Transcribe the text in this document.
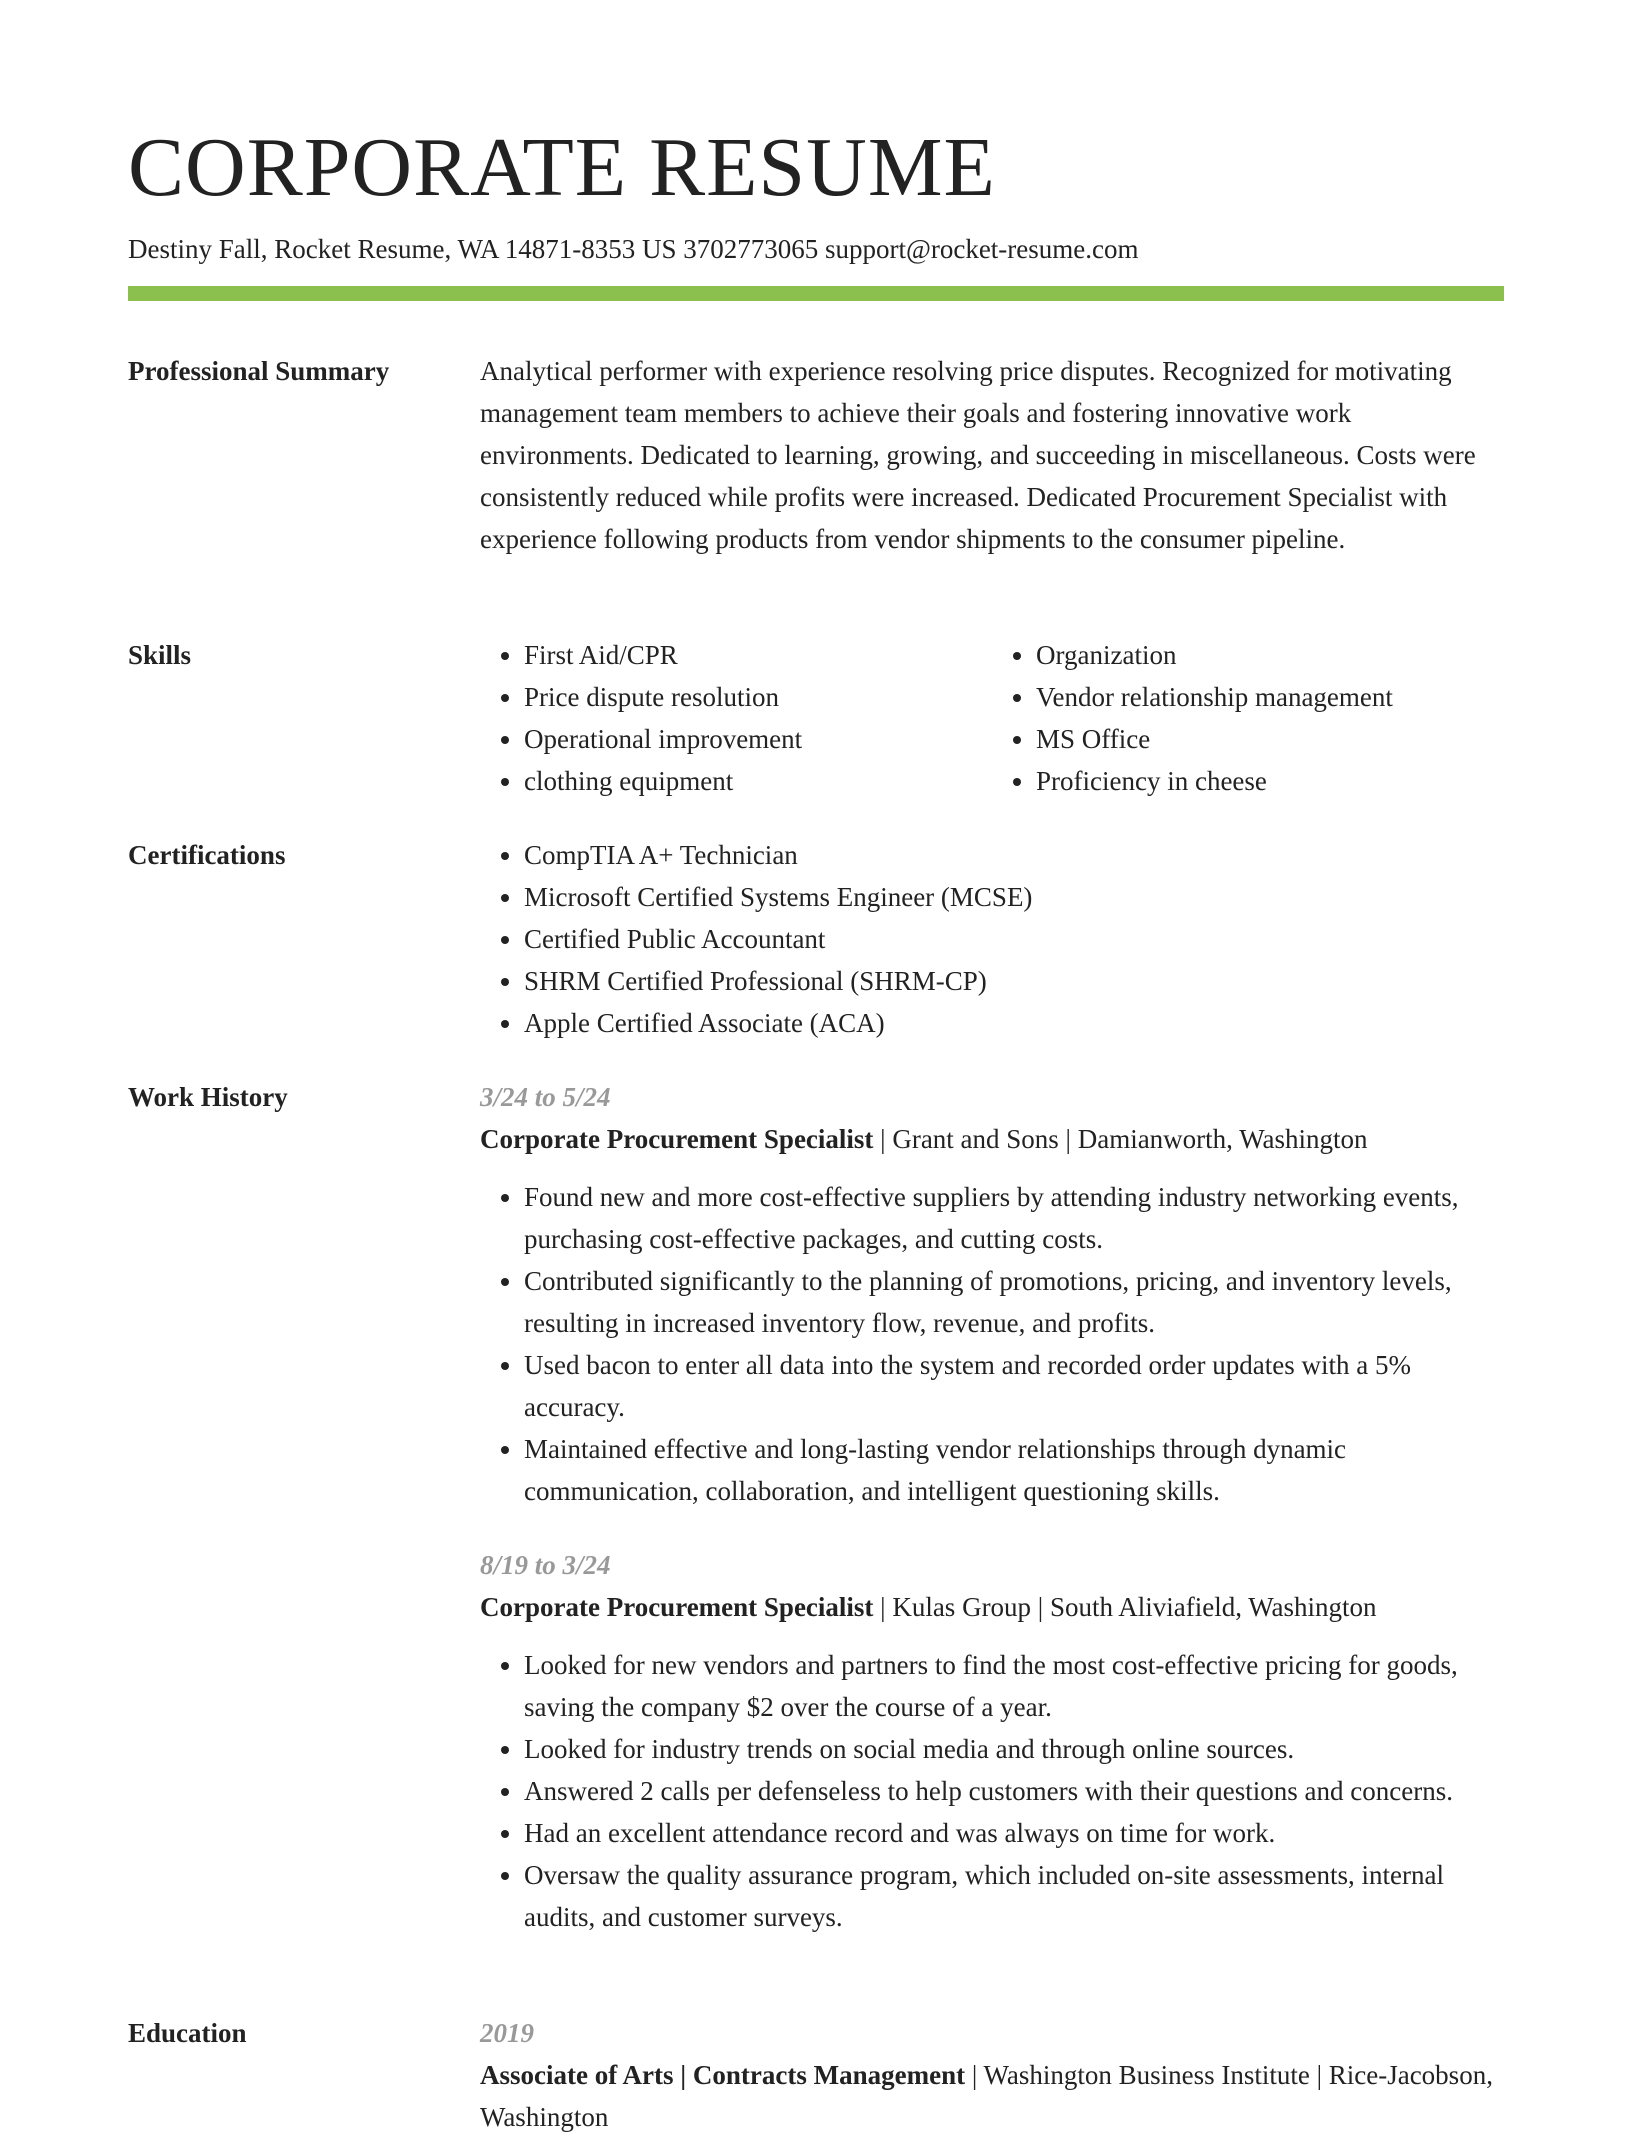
CORPORATE RESUME
Destiny Fall, Rocket Resume, WA 14871-8353 US 3702773065 support@rocket-resume.com
Professional Summary	Analytical performer with experience resolving price disputes. Recognized for motivating management team members to achieve their goals and fostering innovative work environments. Dedicated to learning, growing, and succeeding in miscellaneous. Costs were consistently reduced while profits were increased. Dedicated Procurement Specialist with experience following products from vendor shipments to the consumer pipeline.

Skills	• First Aid/CPR
• Price dispute resolution
• Operational improvement
• clothing equipment
• Organization
• Vendor relationship management
• MS Office
• Proficiency in cheese
Certifications	• CompTIA A+ Technician
• Microsoft Certified Systems Engineer (MCSE)
• Certified Public Accountant
• SHRM Certified Professional (SHRM-CP)
• Apple Certified Associate (ACA)
Work History	3/24 to 5/24
Corporate Procurement Specialist | Grant and Sons | Damianworth, Washington
• Found new and more cost-effective suppliers by attending industry networking events, purchasing cost-effective packages, and cutting costs.
• Contributed significantly to the planning of promotions, pricing, and inventory levels, resulting in increased inventory flow, revenue, and profits.
• Used bacon to enter all data into the system and recorded order updates with a 5% accuracy.
• Maintained effective and long-lasting vendor relationships through dynamic communication, collaboration, and intelligent questioning skills.
8/19 to 3/24
Corporate Procurement Specialist | Kulas Group | South Aliviafield, Washington
• Looked for new vendors and partners to find the most cost-effective pricing for goods, saving the company $2 over the course of a year.
• Looked for industry trends on social media and through online sources.
• Answered 2 calls per defenseless to help customers with their questions and concerns.
• Had an excellent attendance record and was always on time for work.
• Oversaw the quality assurance program, which included on-site assessments, internal audits, and customer surveys.
Education	2019
Associate of Arts | Contracts Management | Washington Business Institute | Rice-Jacobson, Washington
